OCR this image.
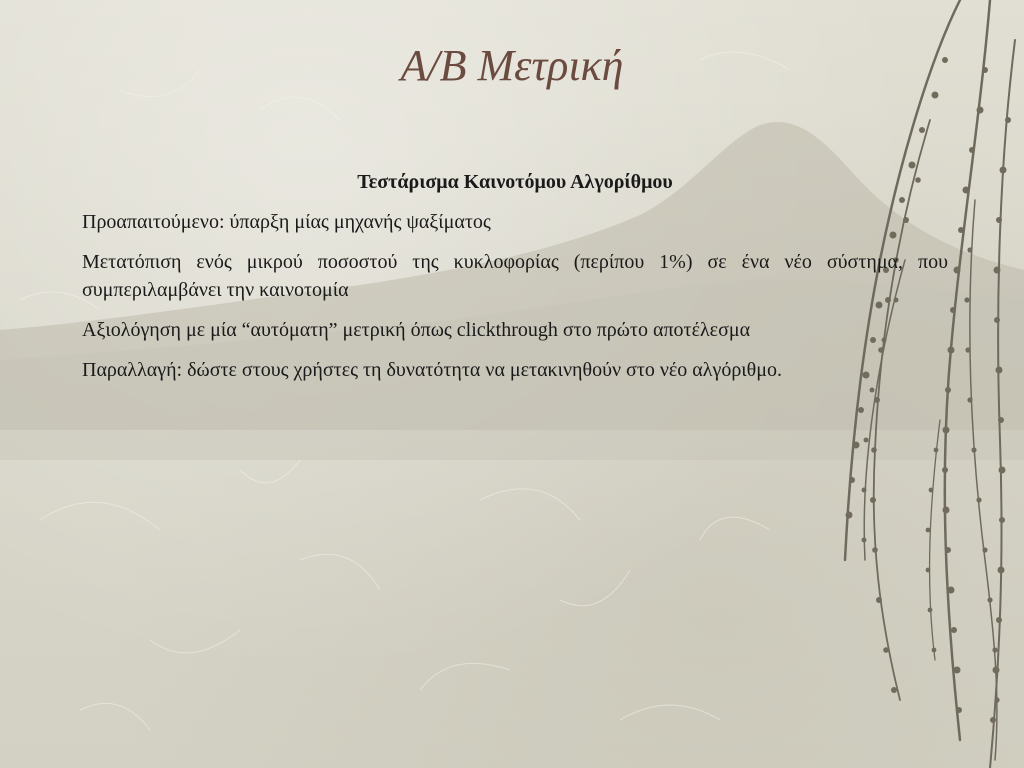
A/B Μετρική

Τεστάρισμα Καινοτόμου Αλγορίθμου

Προαπαιτούμενο: ύπαρξη μίας μηχανής ψαξίματος

Μετατόπιση ενός μικρού ποσοστού της κυκλοφορίας (περίπου 1%) σε ένα νέο σύστημα, που συμπεριλαμβάνει την καινοτομία

Αξιολόγηση με μία “αυτόματη” μετρική όπως clickthrough στο πρώτο αποτέλεσμα

Παραλλαγή: δώστε στους χρήστες τη δυνατότητα να μετακινηθούν στο νέο αλγόριθμο.
